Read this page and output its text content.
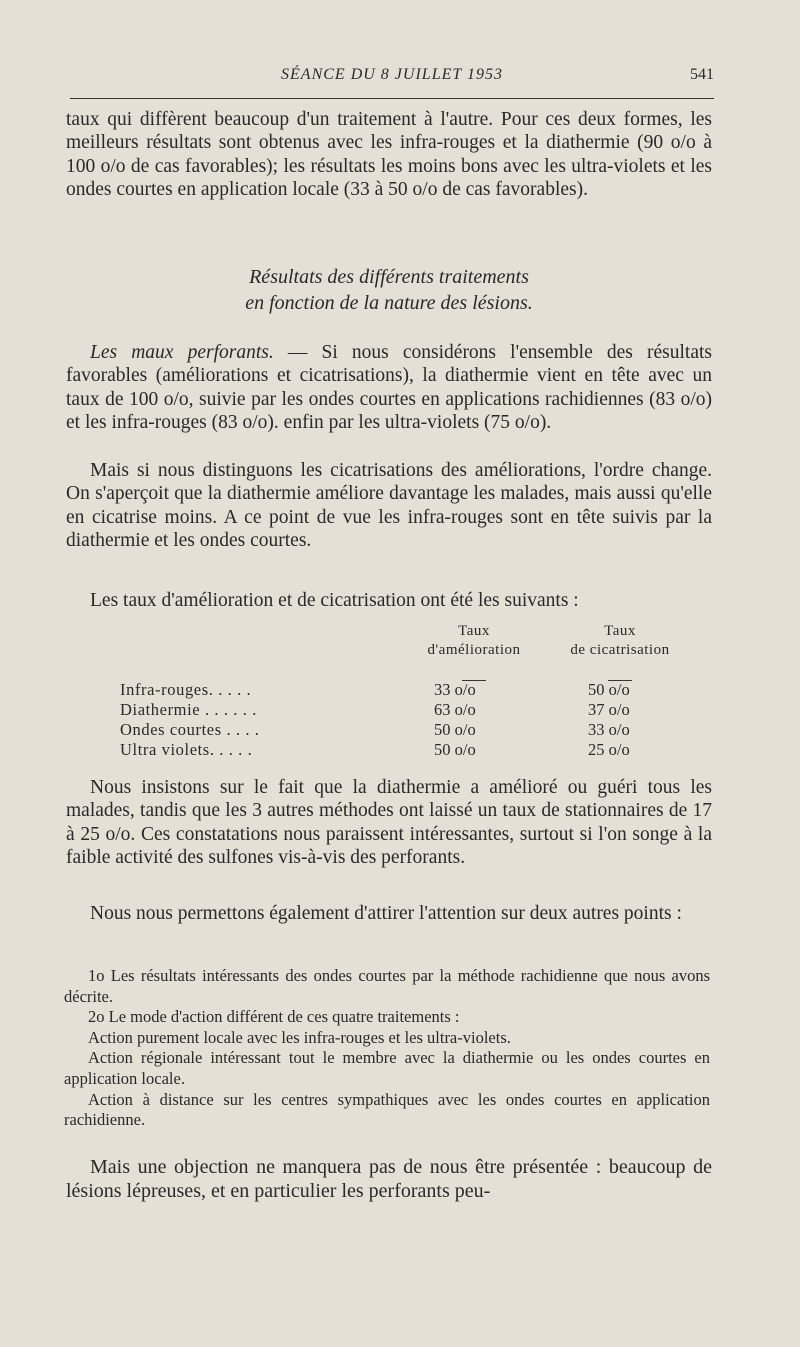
SÉANCE DU 8 JUILLET 1953	541

taux qui diffèrent beaucoup d'un traitement à l'autre. Pour ces deux formes, les meilleurs résultats sont obtenus avec les infra-rouges et la diathermie (90 o/o à 100 o/o de cas favorables); les résultats les moins bons avec les ultra-violets et les ondes courtes en application locale (33 à 50 o/o de cas favorables).

Résultats des différents traitements
en fonction de la nature des lésions.

Les maux perforants. — Si nous considérons l'ensemble des résultats favorables (améliorations et cicatrisations), la diathermie vient en tête avec un taux de 100 o/o, suivie par les ondes courtes en applications rachidiennes (83 o/o) et les infra-rouges (83 o/o). enfin par les ultra-violets (75 o/o).

Mais si nous distinguons les cicatrisations des améliorations, l'ordre change. On s'aperçoit que la diathermie améliore davantage les malades, mais aussi qu'elle en cicatrise moins. A ce point de vue les infra-rouges sont en tête suivis par la diathermie et les ondes courtes.

Les taux d'amélioration et de cicatrisation ont été les suivants :

Taux
d'amélioration
Taux
de cicatrisation
Infra-rouges. . . . .	33 o/o	50 o/o
Diathermie . . . . . .	63 o/o	37 o/o
Ondes courtes . . . .	50 o/o	33 o/o
Ultra violets. . . . .	50 o/o	25 o/o

Nous insistons sur le fait que la diathermie a amélioré ou guéri tous les malades, tandis que les 3 autres méthodes ont laissé un taux de stationnaires de 17 à 25 o/o. Ces constatations nous paraissent intéressantes, surtout si l'on songe à la faible activité des sulfones vis-à-vis des perforants.

Nous nous permettons également d'attirer l'attention sur deux autres points :

1o Les résultats intéressants des ondes courtes par la méthode rachidienne que nous avons décrite.
2o Le mode d'action différent de ces quatre traitements :
Action purement locale avec les infra-rouges et les ultra-violets.
Action régionale intéressant tout le membre avec la diathermie ou les ondes courtes en application locale.
Action à distance sur les centres sympathiques avec les ondes courtes en application rachidienne.

Mais une objection ne manquera pas de nous être présentée : beaucoup de lésions lépreuses, et en particulier les perforants peu-
